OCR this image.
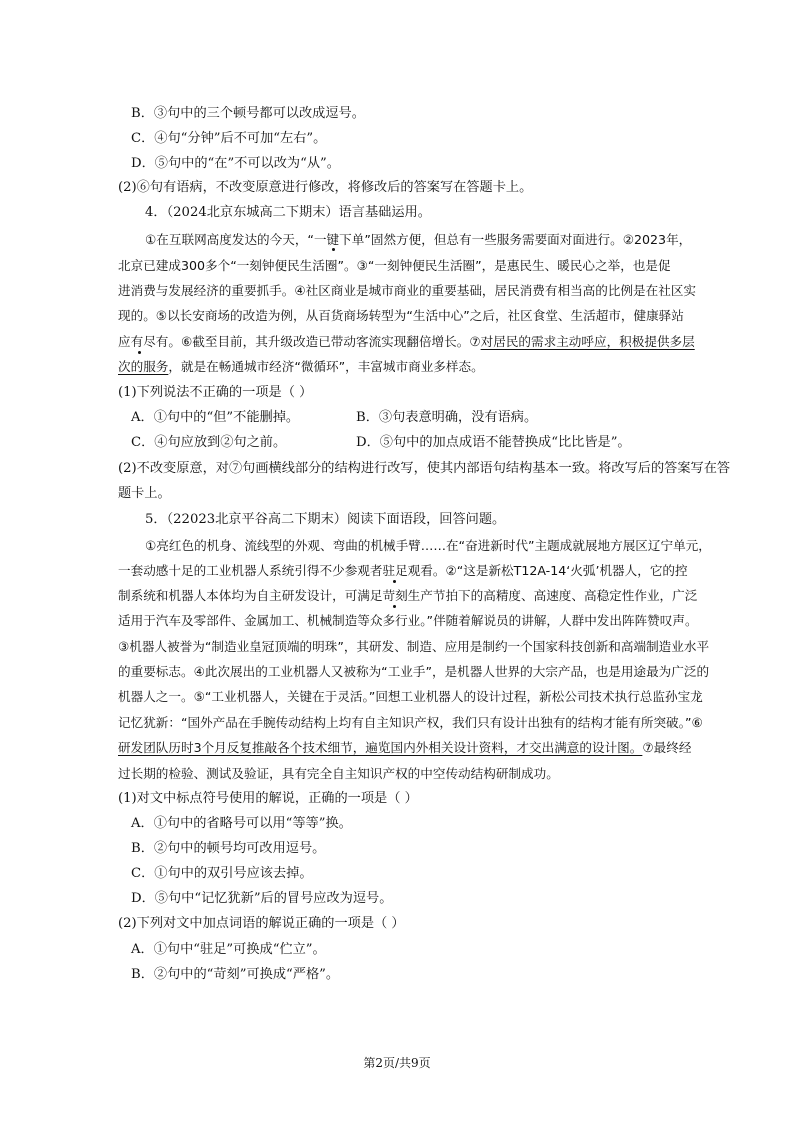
B．③句中的三个顿号都可以改成逗号。
C．④句“分钟”后不可加“左右”。
D．⑤句中的“在”不可以改为“从”。
(2)⑥句有语病，不改变原意进行修改，将修改后的答案写在答题卡上。
4．（2024北京东城高二下期末）语言基础运用。
①在互联网高度发达的今天，“一键下单”固然方便，但总有一些服务需要面对面进行。②2023年，
北京已建成300多个“一刻钟便民生活圈”。③“一刻钟便民生活圈”，是惠民生、暖民心之举，也是促
进消费与发展经济的重要抓手。④社区商业是城市商业的重要基础，居民消费有相当高的比例是在社区实
现的。⑤以长安商场的改造为例，从百货商场转型为“生活中心”之后，社区食堂、生活超市，健康驿站
应有尽有。⑥截至目前，其升级改造已带动客流实现翻倍增长。⑦对居民的需求主动呼应，积极提供多层
次的服务，就是在畅通城市经济“微循环”，丰富城市商业多样态。
(1)下列说法不正确的一项是（ ）
A．①句中的“但”不能删掉。	B．③句表意明确，没有语病。
C．④句应放到②句之前。	D．⑤句中的加点成语不能替换成“比比皆是”。
(2)不改变原意，对⑦句画横线部分的结构进行改写，使其内部语句结构基本一致。将改写后的答案写在答
题卡上。
5．（22023北京平谷高二下期末）阅读下面语段，回答问题。
①亮红色的机身、流线型的外观、弯曲的机械手臂……在“奋进新时代”主题成就展地方展区辽宁单元，
一套动感十足的工业机器人系统引得不少参观者驻足观看。②“这是新松T12A-14‘火弧’机器人，它的控
制系统和机器人本体均为自主研发设计，可满足苛刻生产节拍下的高精度、高速度、高稳定性作业，广泛
适用于汽车及零部件、金属加工、机械制造等众多行业。”伴随着解说员的讲解，人群中发出阵阵赞叹声。
③机器人被誉为“制造业皇冠顶端的明珠”，其研发、制造、应用是制约一个国家科技创新和高端制造业水平
的重要标志。④此次展出的工业机器人又被称为“工业手”，是机器人世界的大宗产品，也是用途最为广泛的
机器人之一。⑤“工业机器人，关键在于灵活。”回想工业机器人的设计过程，新松公司技术执行总监孙宝龙
记忆犹新：“国外产品在手腕传动结构上均有自主知识产权，我们只有设计出独有的结构才能有所突破。”⑥
研发团队历时3个月反复推敲各个技术细节，遍览国内外相关设计资料，才交出满意的设计图。⑦最终经
过长期的检验、测试及验证，具有完全自主知识产权的中空传动结构研制成功。
(1)对文中标点符号使用的解说，正确的一项是（ ）
A．①句中的省略号可以用“等等”换。
B．②句中的顿号均可改用逗号。
C．①句中的双引号应该去掉。
D．⑤句中“记忆犹新”后的冒号应改为逗号。
(2)下列对文中加点词语的解说正确的一项是（ ）
A．①句中“驻足”可换成“伫立”。
B．②句中的“苛刻”可换成“严格”。
第2页/共9页
